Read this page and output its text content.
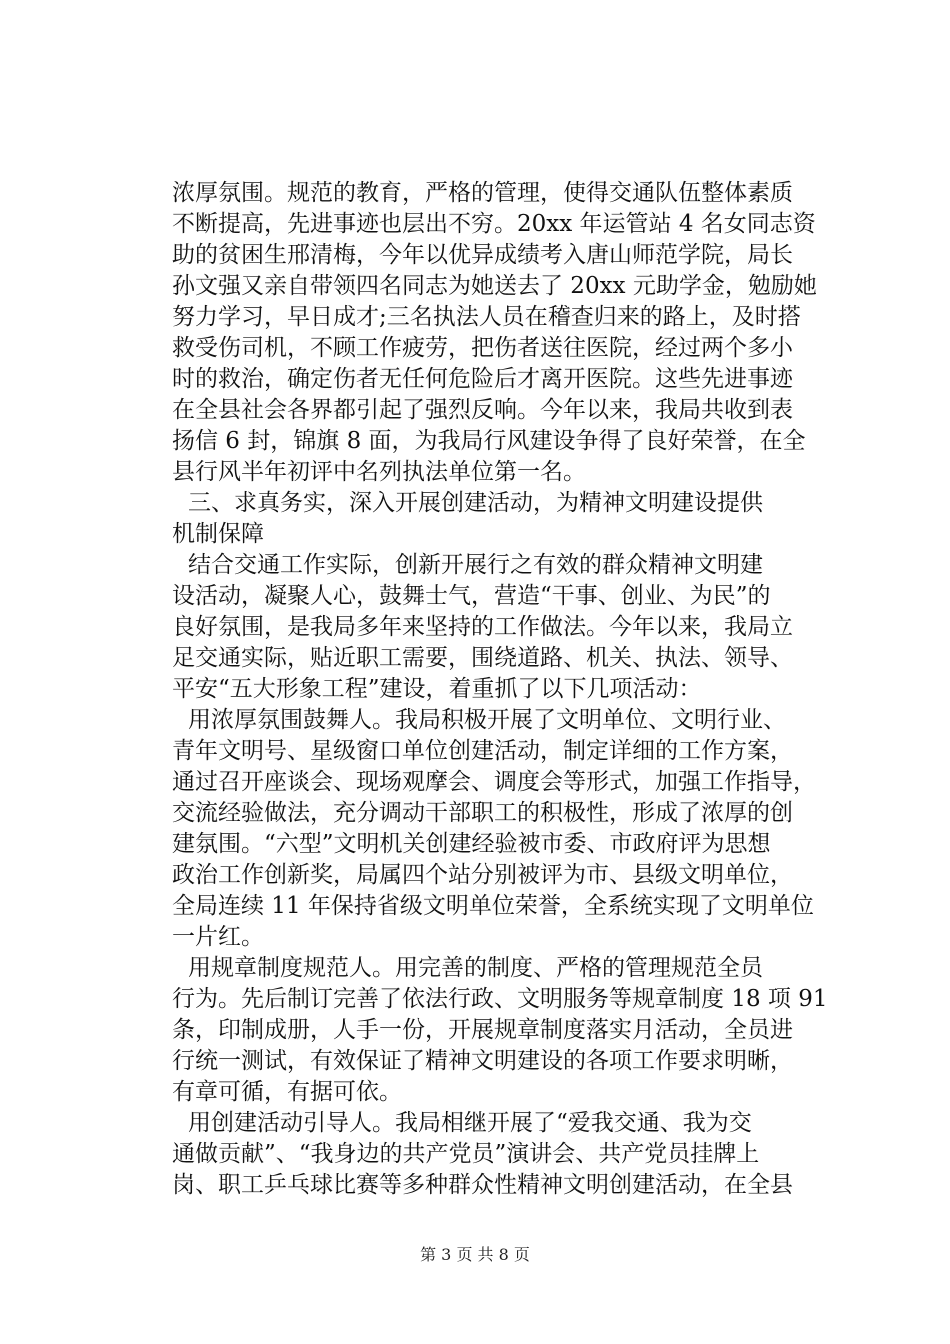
浓厚氛围。规范的教育，严格的管理，使得交通队伍整体素质
不断提高，先进事迹也层出不穷。20xx 年运管站 4 名女同志资
助的贫困生邢清梅，今年以优异成绩考入唐山师范学院，局长
孙文强又亲自带领四名同志为她送去了 20xx 元助学金，勉励她
努力学习，早日成才;三名执法人员在稽查归来的路上，及时搭
救受伤司机，不顾工作疲劳，把伤者送往医院，经过两个多小
时的救治，确定伤者无任何危险后才离开医院。这些先进事迹
在全县社会各界都引起了强烈反响。今年以来，我局共收到表
扬信 6 封，锦旗 8 面，为我局行风建设争得了良好荣誉，在全
县行风半年初评中名列执法单位第一名。
三、求真务实，深入开展创建活动，为精神文明建设提供
机制保障
结合交通工作实际，创新开展行之有效的群众精神文明建
设活动，凝聚人心，鼓舞士气，营造“干事、创业、为民”的
良好氛围，是我局多年来坚持的工作做法。今年以来，我局立
足交通实际，贴近职工需要，围绕道路、机关、执法、领导、
平安“五大形象工程”建设，着重抓了以下几项活动：
用浓厚氛围鼓舞人。我局积极开展了文明单位、文明行业、
青年文明号、星级窗口单位创建活动，制定详细的工作方案，
通过召开座谈会、现场观摩会、调度会等形式，加强工作指导，
交流经验做法，充分调动干部职工的积极性，形成了浓厚的创
建氛围。“六型”文明机关创建经验被市委、市政府评为思想
政治工作创新奖，局属四个站分别被评为市、县级文明单位，
全局连续 11 年保持省级文明单位荣誉，全系统实现了文明单位
一片红。
用规章制度规范人。用完善的制度、严格的管理规范全员
行为。先后制订完善了依法行政、文明服务等规章制度 18 项 91
条，印制成册，人手一份，开展规章制度落实月活动，全员进
行统一测试，有效保证了精神文明建设的各项工作要求明晰，
有章可循，有据可依。
用创建活动引导人。我局相继开展了“爱我交通、我为交
通做贡献”、“我身边的共产党员”演讲会、共产党员挂牌上
岗、职工乒乓球比赛等多种群众性精神文明创建活动，在全县
第 3 页 共 8 页
